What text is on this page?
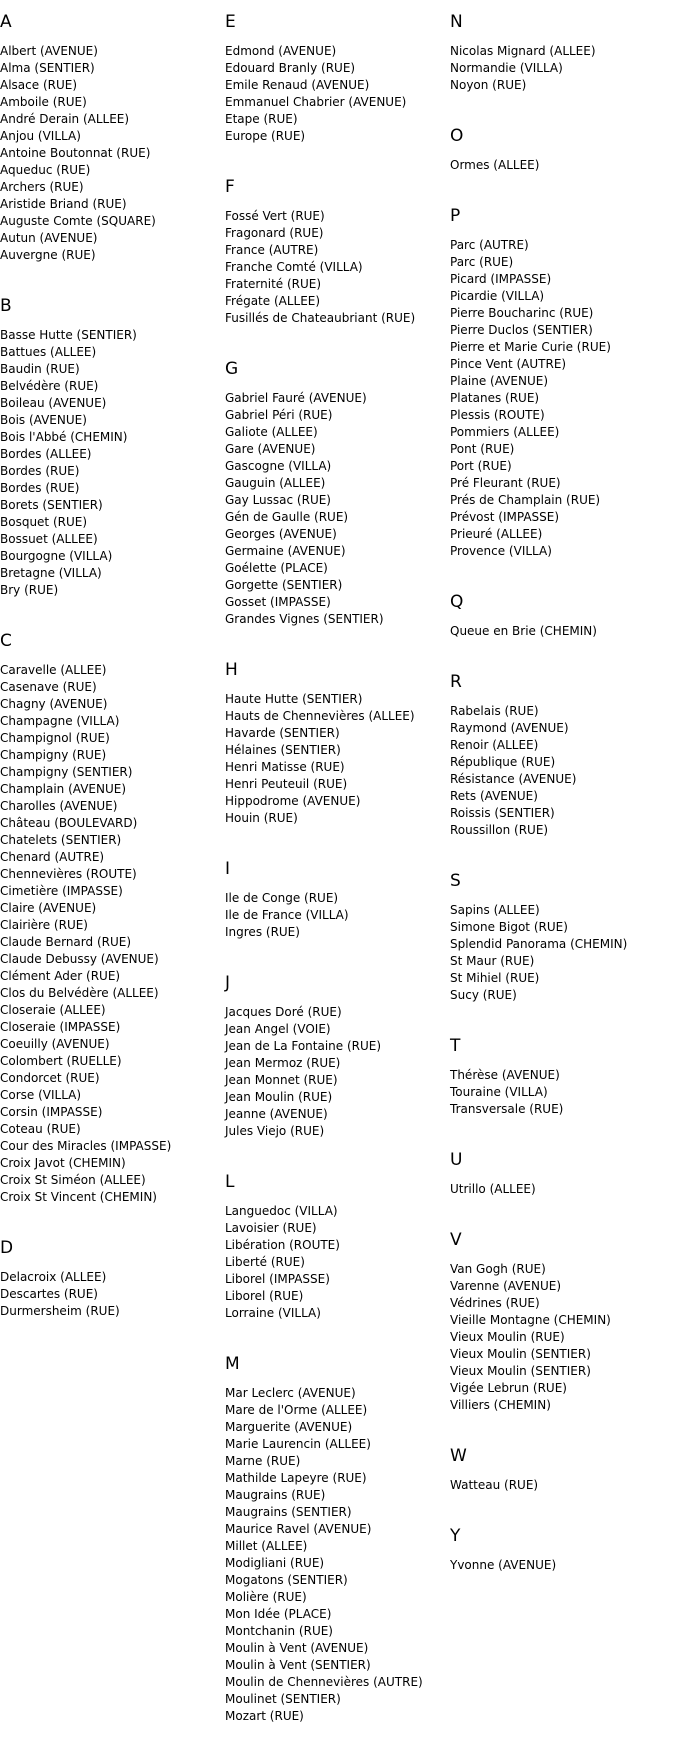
A
Albert (AVENUE)
Alma (SENTIER)
Alsace (RUE)
Amboile (RUE)
André Derain (ALLEE)
Anjou (VILLA)
Antoine Boutonnat (RUE)
Aqueduc (RUE)
Archers (RUE)
Aristide Briand (RUE)
Auguste Comte (SQUARE)
Autun (AVENUE)
Auvergne (RUE)
B
Basse Hutte (SENTIER)
Battues (ALLEE)
Baudin (RUE)
Belvédère (RUE)
Boileau (AVENUE)
Bois (AVENUE)
Bois l'Abbé (CHEMIN)
Bordes (ALLEE)
Bordes (RUE)
Bordes (RUE)
Borets (SENTIER)
Bosquet (RUE)
Bossuet (ALLEE)
Bourgogne (VILLA)
Bretagne (VILLA)
Bry (RUE)
C
Caravelle (ALLEE)
Casenave (RUE)
Chagny (AVENUE)
Champagne (VILLA)
Champignol (RUE)
Champigny (RUE)
Champigny (SENTIER)
Champlain (AVENUE)
Charolles (AVENUE)
Château (BOULEVARD)
Chatelets (SENTIER)
Chenard (AUTRE)
Chennevières (ROUTE)
Cimetière (IMPASSE)
Claire (AVENUE)
Clairière (RUE)
Claude Bernard (RUE)
Claude Debussy (AVENUE)
Clément Ader (RUE)
Clos du Belvédère (ALLEE)
Closeraie (ALLEE)
Closeraie (IMPASSE)
Coeuilly (AVENUE)
Colombert (RUELLE)
Condorcet (RUE)
Corse (VILLA)
Corsin (IMPASSE)
Coteau (RUE)
Cour des Miracles (IMPASSE)
Croix Javot (CHEMIN)
Croix St Siméon (ALLEE)
Croix St Vincent (CHEMIN)
D
Delacroix (ALLEE)
Descartes (RUE)
Durmersheim (RUE)
E
Edmond (AVENUE)
Edouard Branly (RUE)
Emile Renaud (AVENUE)
Emmanuel Chabrier (AVENUE)
Etape (RUE)
Europe (RUE)
F
Fossé Vert (RUE)
Fragonard (RUE)
France (AUTRE)
Franche Comté (VILLA)
Fraternité (RUE)
Frégate (ALLEE)
Fusillés de Chateaubriant (RUE)
G
Gabriel Fauré (AVENUE)
Gabriel Péri (RUE)
Galiote (ALLEE)
Gare (AVENUE)
Gascogne (VILLA)
Gauguin (ALLEE)
Gay Lussac (RUE)
Gén de Gaulle (RUE)
Georges (AVENUE)
Germaine (AVENUE)
Goélette (PLACE)
Gorgette (SENTIER)
Gosset (IMPASSE)
Grandes Vignes (SENTIER)
H
Haute Hutte (SENTIER)
Hauts de Chennevières (ALLEE)
Havarde (SENTIER)
Hélaines (SENTIER)
Henri Matisse (RUE)
Henri Peuteuil (RUE)
Hippodrome (AVENUE)
Houin (RUE)
I
Ile de Conge (RUE)
Ile de France (VILLA)
Ingres (RUE)
J
Jacques Doré (RUE)
Jean Angel (VOIE)
Jean de La Fontaine (RUE)
Jean Mermoz (RUE)
Jean Monnet (RUE)
Jean Moulin (RUE)
Jeanne (AVENUE)
Jules Viejo (RUE)
L
Languedoc (VILLA)
Lavoisier (RUE)
Libération (ROUTE)
Liberté (RUE)
Liborel (IMPASSE)
Liborel (RUE)
Lorraine (VILLA)
M
Mar Leclerc (AVENUE)
Mare de l'Orme (ALLEE)
Marguerite (AVENUE)
Marie Laurencin (ALLEE)
Marne (RUE)
Mathilde Lapeyre (RUE)
Maugrains (RUE)
Maugrains (SENTIER)
Maurice Ravel (AVENUE)
Millet (ALLEE)
Modigliani (RUE)
Mogatons (SENTIER)
Molière (RUE)
Mon Idée (PLACE)
Montchanin (RUE)
Moulin à Vent (AVENUE)
Moulin à Vent (SENTIER)
Moulin de Chennevières (AUTRE)
Moulinet (SENTIER)
Mozart (RUE)
N
Nicolas Mignard (ALLEE)
Normandie (VILLA)
Noyon (RUE)
O
Ormes (ALLEE)
P
Parc (AUTRE)
Parc (RUE)
Picard (IMPASSE)
Picardie (VILLA)
Pierre Boucharinc (RUE)
Pierre Duclos (SENTIER)
Pierre et Marie Curie (RUE)
Pince Vent (AUTRE)
Plaine (AVENUE)
Platanes (RUE)
Plessis (ROUTE)
Pommiers (ALLEE)
Pont (RUE)
Port (RUE)
Pré Fleurant (RUE)
Prés de Champlain (RUE)
Prévost (IMPASSE)
Prieuré (ALLEE)
Provence (VILLA)
Q
Queue en Brie (CHEMIN)
R
Rabelais (RUE)
Raymond (AVENUE)
Renoir (ALLEE)
République (RUE)
Résistance (AVENUE)
Rets (AVENUE)
Roissis (SENTIER)
Roussillon (RUE)
S
Sapins (ALLEE)
Simone Bigot (RUE)
Splendid Panorama (CHEMIN)
St Maur (RUE)
St Mihiel (RUE)
Sucy (RUE)
T
Thérèse (AVENUE)
Touraine (VILLA)
Transversale (RUE)
U
Utrillo (ALLEE)
V
Van Gogh (RUE)
Varenne (AVENUE)
Védrines (RUE)
Vieille Montagne (CHEMIN)
Vieux Moulin (RUE)
Vieux Moulin (SENTIER)
Vieux Moulin (SENTIER)
Vigée Lebrun (RUE)
Villiers (CHEMIN)
W
Watteau (RUE)
Y
Yvonne (AVENUE)
